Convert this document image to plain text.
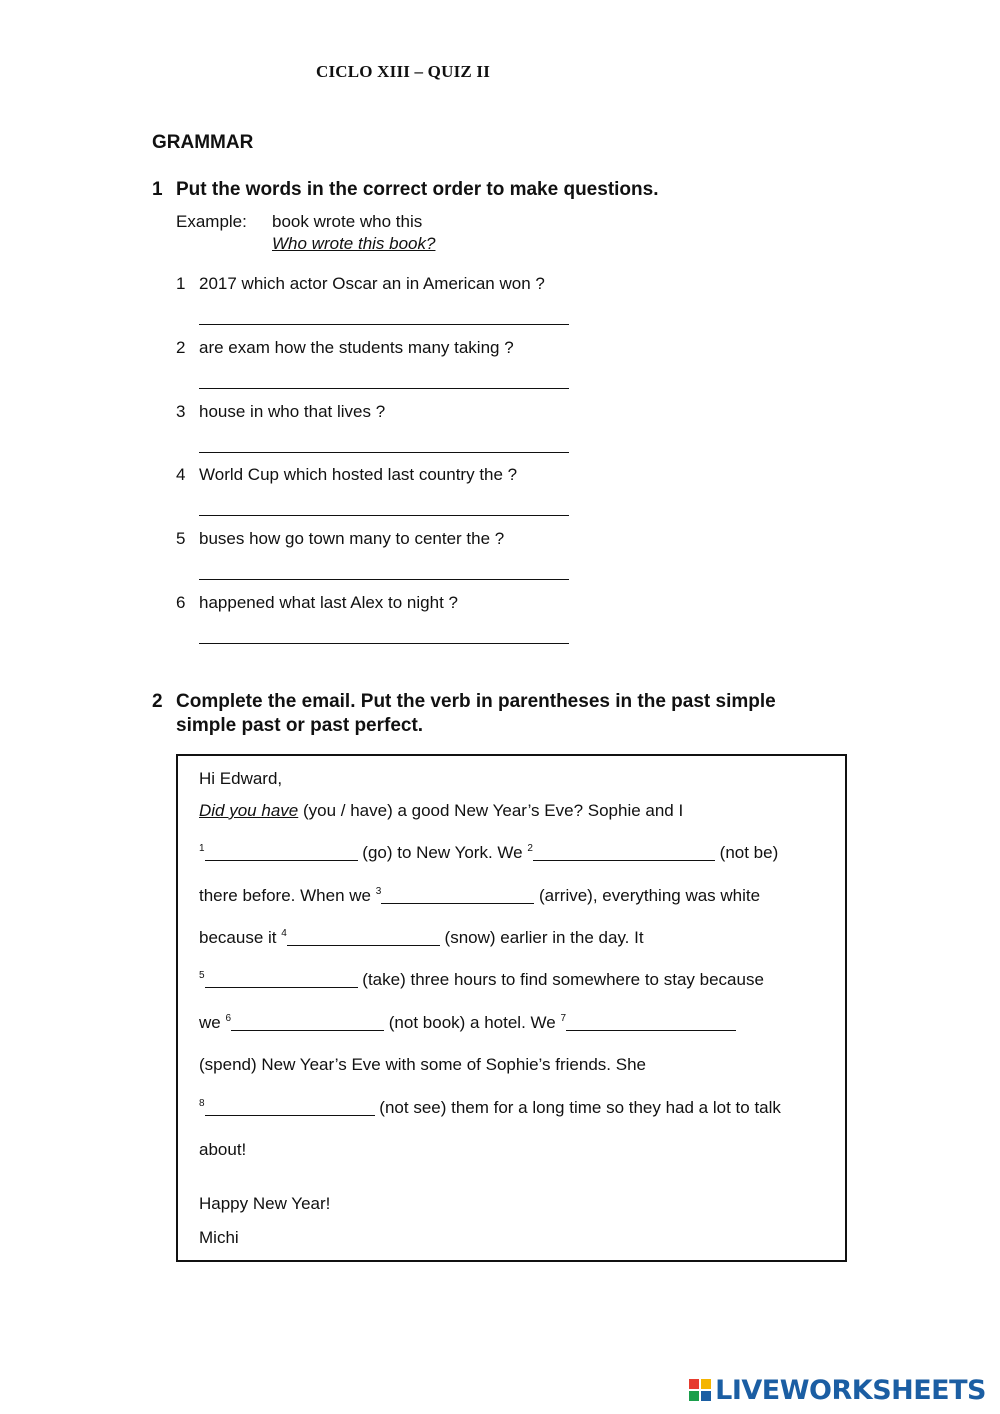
CICLO XIII – QUIZ II
GRAMMAR
1 Put the words in the correct order to make questions.
Example: book wrote who this
Who wrote this book?
1 2017 which actor Oscar an in American won ?
2 are exam how the students many taking ?
3 house in who that lives ?
4 World Cup which hosted last country the ?
5 buses how go town many to center the ?
6 happened what last Alex to night ?
2 Complete the email. Put the verb in parentheses in the past simple
simple past or past perfect.
Hi Edward,
Did you have (you / have) a good New Year’s Eve? Sophie and I
$^1$	(go) to New York. We $^2$	(not be)
there before. When we $^3$	(arrive), everything was white
because it $^4$	(snow) earlier in the day. It
$^5$	(take) three hours to find somewhere to stay because
we $^6$	(not book) a hotel. We $^7$
(spend) New Year’s Eve with some of Sophie’s friends. She
$^8$	(not see) them for a long time so they had a lot to talk
about!
Happy New Year!
Michi
LIVEWORKSHEETS
